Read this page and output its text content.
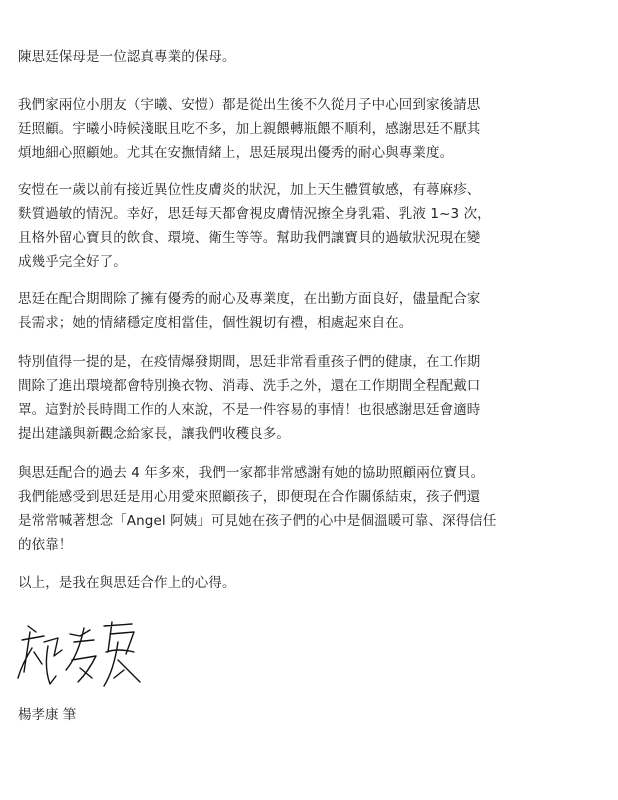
陳思廷保母是一位認真專業的保母。

我們家兩位小朋友（宇曦、安愷）都是從出生後不久從月子中心回到家後請思
廷照顧。宇曦小時候淺眠且吃不多，加上親餵轉瓶餵不順利，感謝思廷不厭其
煩地細心照顧她。尤其在安撫情緒上，思廷展現出優秀的耐心與專業度。

安愷在一歲以前有接近異位性皮膚炎的狀況，加上天生體質敏感，有蕁麻疹、
麩質過敏的情況。幸好，思廷每天都會視皮膚情況擦全身乳霜、乳液 1~3 次，
且格外留心寶貝的飲食、環境、衛生等等。幫助我們讓寶貝的過敏狀況現在變
成幾乎完全好了。

思廷在配合期間除了擁有優秀的耐心及專業度，在出勤方面良好，儘量配合家
長需求；她的情緒穩定度相當佳，個性親切有禮，相處起來自在。

特別值得一提的是，在疫情爆發期間，思廷非常看重孩子們的健康，在工作期
間除了進出環境都會特別換衣物、消毒、洗手之外，還在工作期間全程配戴口
罩。這對於長時間工作的人來說，不是一件容易的事情！也很感謝思廷會適時
提出建議與新觀念給家長，讓我們收穫良多。

與思廷配合的過去 4 年多來，我們一家都非常感謝有她的協助照顧兩位寶貝。
我們能感受到思廷是用心用愛來照顧孩子，即便現在合作關係結束，孩子們還
是常常喊著想念「Angel 阿姨」可見她在孩子們的心中是個溫暖可靠、深得信任
的依靠！

以上，是我在與思廷合作上的心得。

楊孝康 筆
